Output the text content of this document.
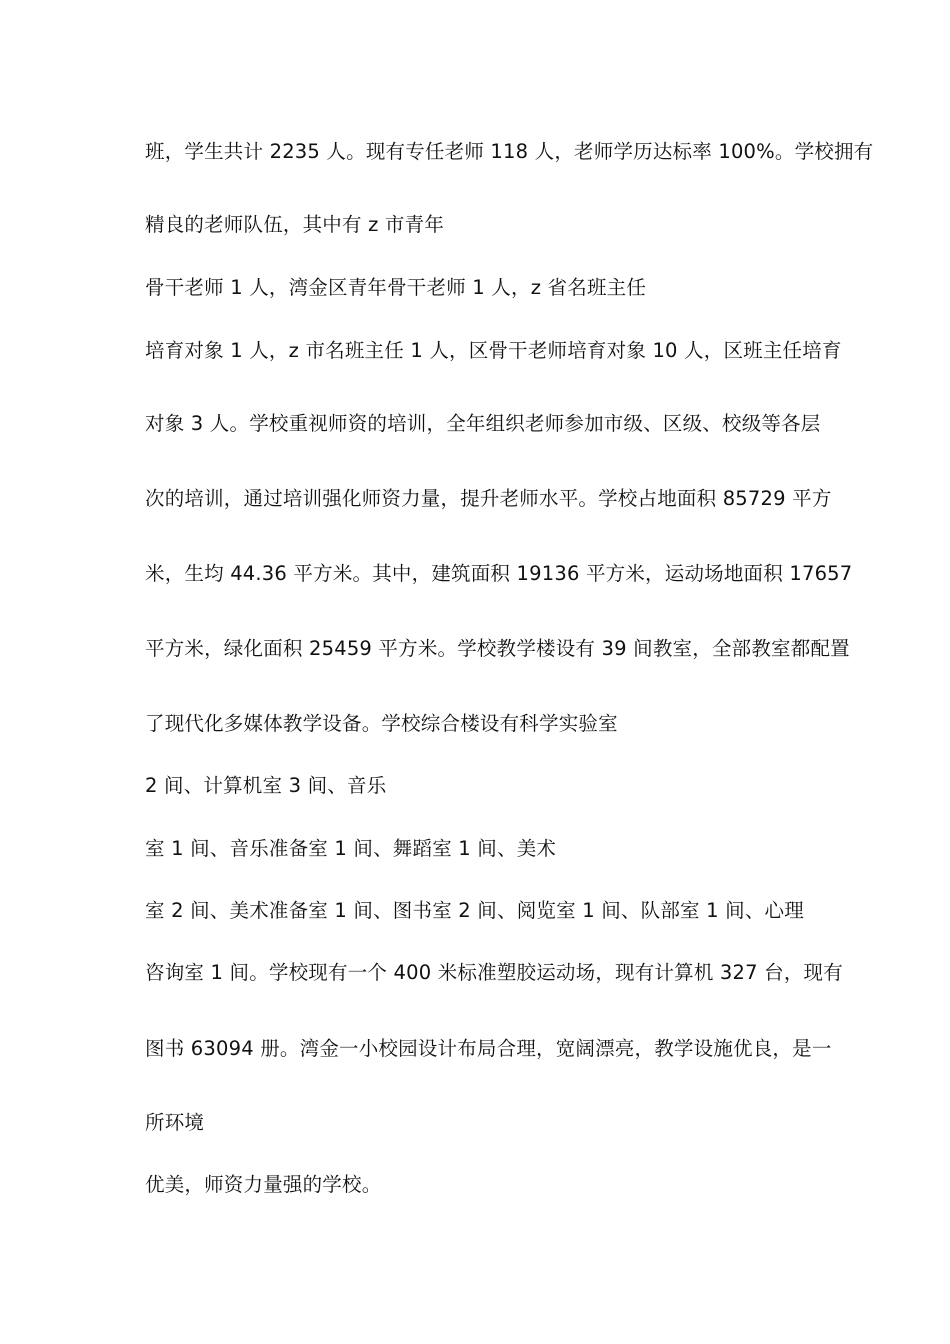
班，学生共计 2235 人。现有专任老师 118 人，老师学历达标率 100%。学校拥有
精良的老师队伍，其中有 z 市青年
骨干老师 1 人，湾金区青年骨干老师 1 人，z 省名班主任
培育对象 1 人，z 市名班主任 1 人，区骨干老师培育对象 10 人，区班主任培育
对象 3 人。学校重视师资的培训，全年组织老师参加市级、区级、校级等各层
次的培训，通过培训强化师资力量，提升老师水平。学校占地面积 85729 平方
米，生均 44.36 平方米。其中，建筑面积 19136 平方米，运动场地面积 17657
平方米，绿化面积 25459 平方米。学校教学楼设有 39 间教室，全部教室都配置
了现代化多媒体教学设备。学校综合楼设有科学实验室
2 间、计算机室 3 间、音乐
室 1 间、音乐准备室 1 间、舞蹈室 1 间、美术
室 2 间、美术准备室 1 间、图书室 2 间、阅览室 1 间、队部室 1 间、心理
咨询室 1 间。学校现有一个 400 米标准塑胶运动场，现有计算机 327 台，现有
图书 63094 册。湾金一小校园设计布局合理，宽阔漂亮，教学设施优良，是一
所环境
优美，师资力量强的学校。
